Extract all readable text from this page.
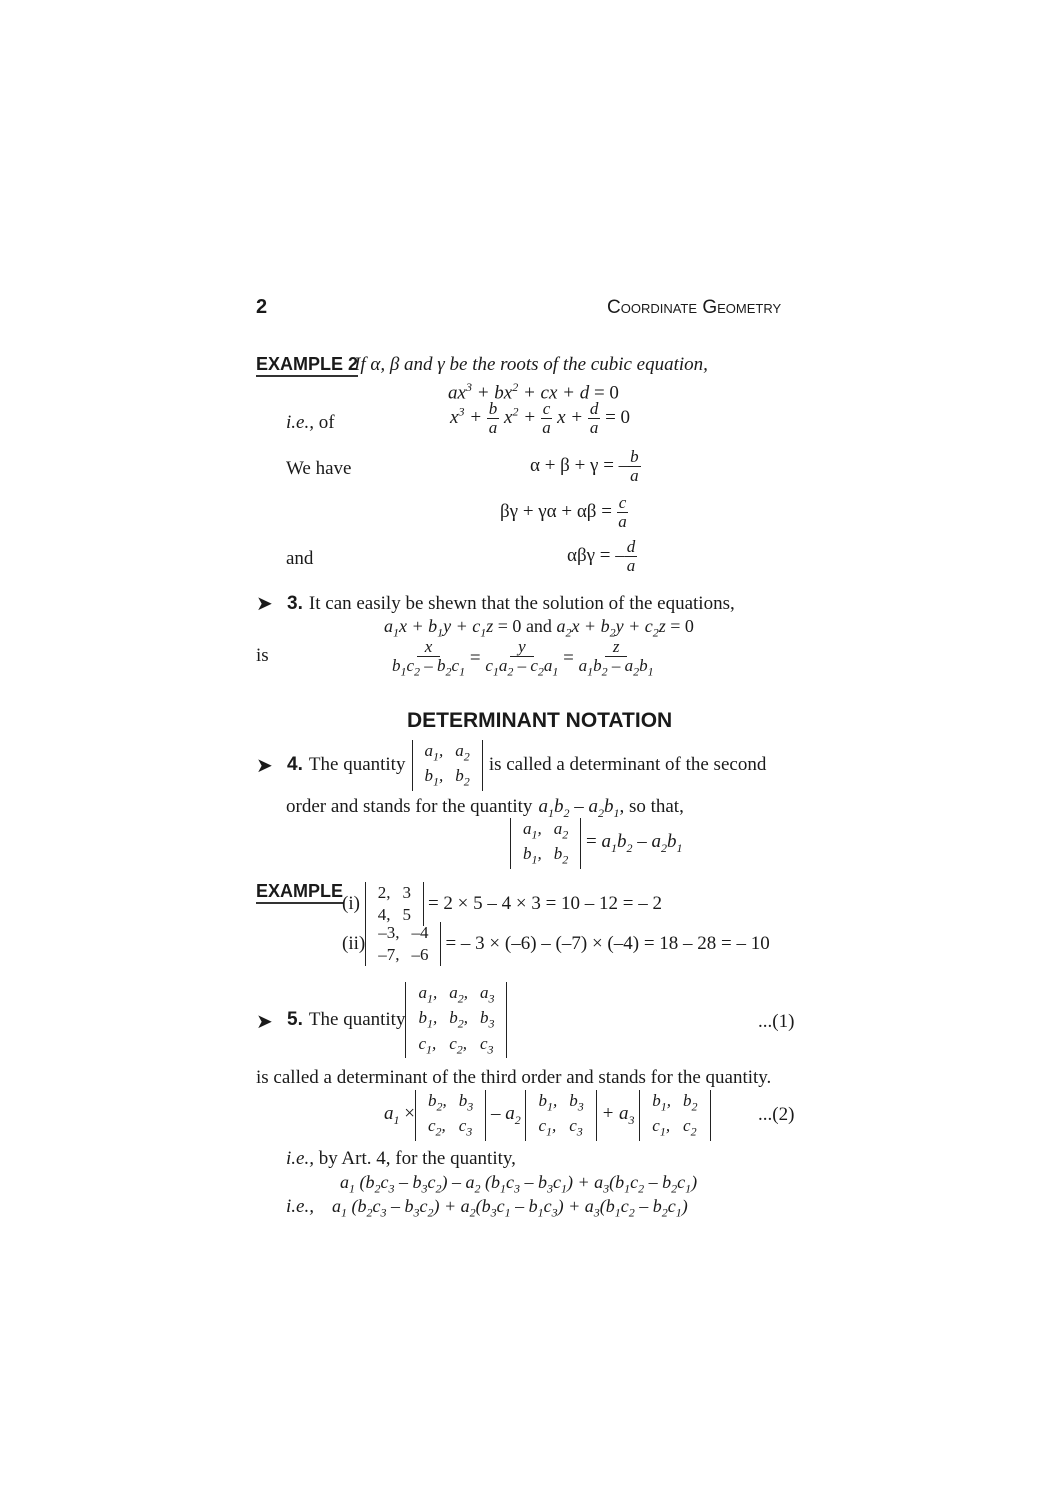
2	Coordinate Geometry
EXAMPLE 2
If α, β and γ be the roots of the cubic equation,
$ax^3 + bx^2$ + cx + d = 0
i.e., of	$x^3 + \frac{b}{a} x^2 + \frac{c}{a}$ $x + \frac{d}{a} = 0$
We have	α + β + γ = – $\frac{b}{a}$
$\beta\gamma + \gamma\alpha + \alpha\beta = \frac{c}{a}$
and	αβγ = – $\frac{d}{a}$
➤ 3. It can easily be shewn that the solution of the equations,
$a_1x + b_1y + c_1z = 0$ and $a_2x + b_2y + c_2z = 0$
is	$\frac{x}{b_1c_2 - b_2c_1} = \frac{y}{c_1a_2 - c_2a_1} = \frac{z}{a_1b_2 - a_2b_1}$
DETERMINANT NOTATION
➤ 4.
The quantity

$a_1$,	$a_2$
$b_1$,	$b_2$

is called a determinant of the second
order and stands for the quantity $a_1b_2 - a_2b_1$, so that,
$a_1$,	$a_2$
$b_1$,	$b_2$
= $a_1b_2 - a_2b_1$
EXAMPLE
(i)

2,	3
4,	5
= 2 × 5 – 4 × 3 = 10 – 12 = – 2
(ii)
–3,	–4
–7,	–6
= – 3 × (–6) – (–7) × (–4) = 18 – 28 = – 10
➤ 5.
The quantity
$a_1$,	$a_2$,	$a_3$
$b_1$,	$b_2$,	$b_3$
$c_1$,	$c_2$,	$c_3$
...(1)
is called a determinant of the third order and stands for the quantity.
$a_1$ ×
$b_2$,	$b_3$
$c_2$,	$c_3$
– $a_2$
$b_1$,	$b_3$
$c_1$,	$c_3$
+ $a_3$
$b_1$,	$b_2$
$c_1$,	$c_2$
...(2)
i.e., by Art. 4, for the quantity,
$a_1$ $(b_2c_3 - b_3c_2) - a_2$ $(b_1c_3 - b_3c_1) + a_3(b_1c_2 - b_2c_1)$
i.e., $a_1$ $(b_2c_3 - b_3c_2) + a_2(b_3c_1 - b_1c_3) + a_3(b_1c_2 - b_2c_1)$
